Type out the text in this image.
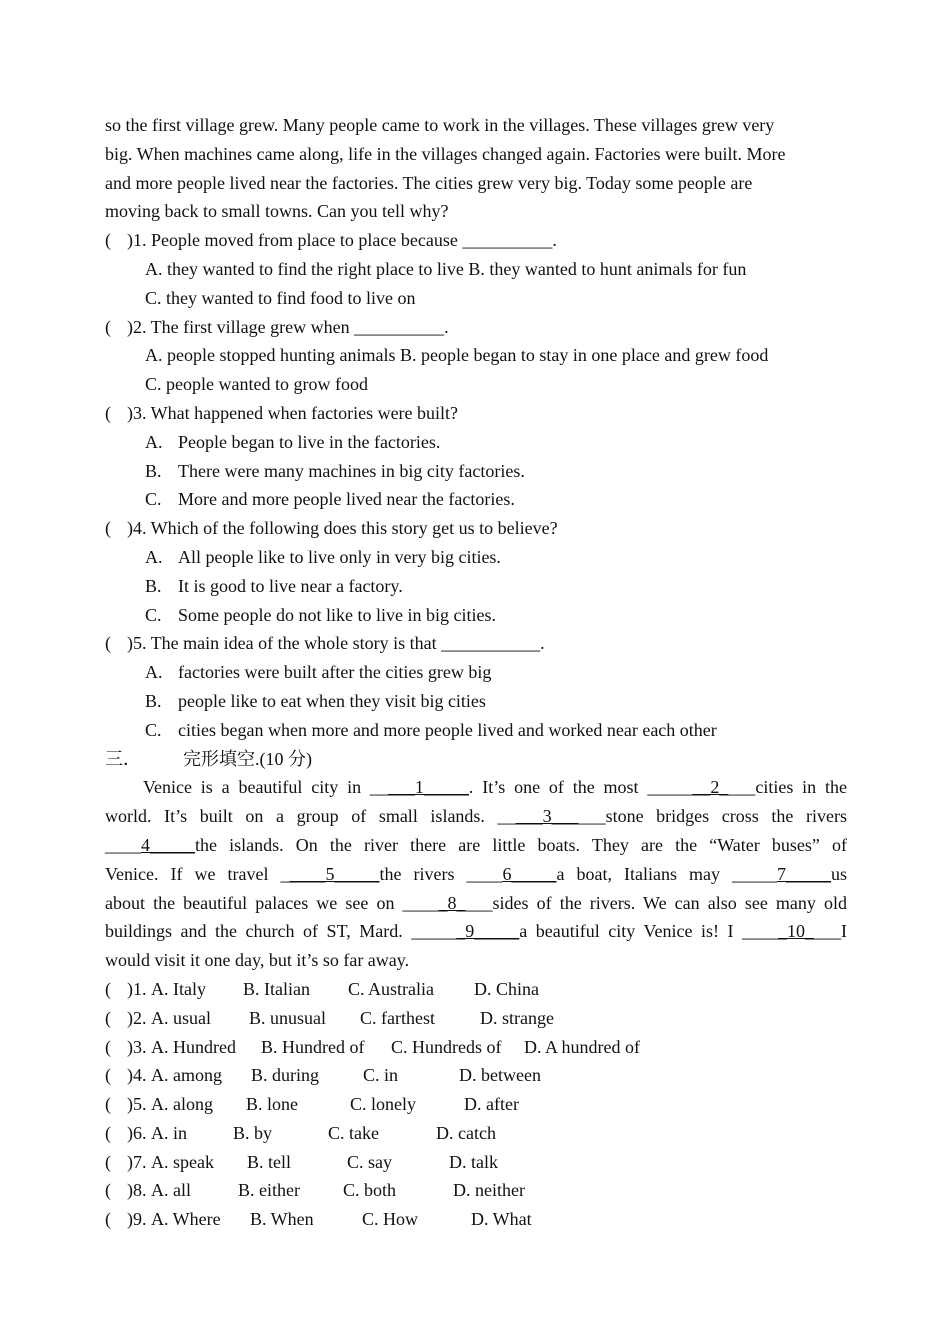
so the first village grew. Many people came to work in the villages. These villages grew very
big. When machines came along, life in the villages changed again. Factories were built. More
and more people lived near the factories. The cities grew very big. Today some people are
moving back to small towns. Can you tell why?
( )1. People moved from place to place because __________.
A. they wanted to find the right place to live B. they wanted to hunt animals for fun
C. they wanted to find food to live on
( )2. The first village grew when __________.
A. people stopped hunting animals B. people began to stay in one place and grew food
C. people wanted to grow food
( )3. What happened when factories were built?
A. People began to live in the factories.
B. There were many machines in big city factories.
C. More and more people lived near the factories.
( )4. Which of the following does this story get us to believe?
A. All people like to live only in very big cities.
B. It is good to live near a factory.
C. Some people do not like to live in big cities.
( )5. The main idea of the whole story is that ___________.
A. factories were built after the cities grew big
B. people like to eat when they visit big cities
C. cities began when more and more people lived and worked near each other
三． 完形填空.(10 分)
Venice is a beautiful city in _____1_____. It’s one of the most _______2____cities in the
world. It’s built on a group of small islands. _____3______stone bridges cross the rivers
____4_____the islands. On the river there are little boats. They are the “Water buses” of
Venice. If we travel _____5_____the rivers ____6_____a boat, Italians may _____7_____us
about the beautiful palaces we see on _____8____sides of the rivers. We can also see many old
buildings and the church of ST, Mard. ______9_____a beautiful city Venice is! I _____10____I
would visit it one day, but it’s so far away.
( )1. A. Italy B. Italian C. Australia D. China
( )2. A. usual B. unusual C. farthest	D. strange
( )3. A. Hundred B. Hundred of C. Hundreds of D. A hundred of
( )4. A. among B. during C. in	D. between
( )5. A. along B. lone	C. lonely	D. after
( )6. A. in	B. by	C. take	D. catch
( )7. A. speak B. tell	C. say	D. talk
( )8. A. all	B. either C. both	D. neither
( )9. A. Where B. When	C. How	D. What
